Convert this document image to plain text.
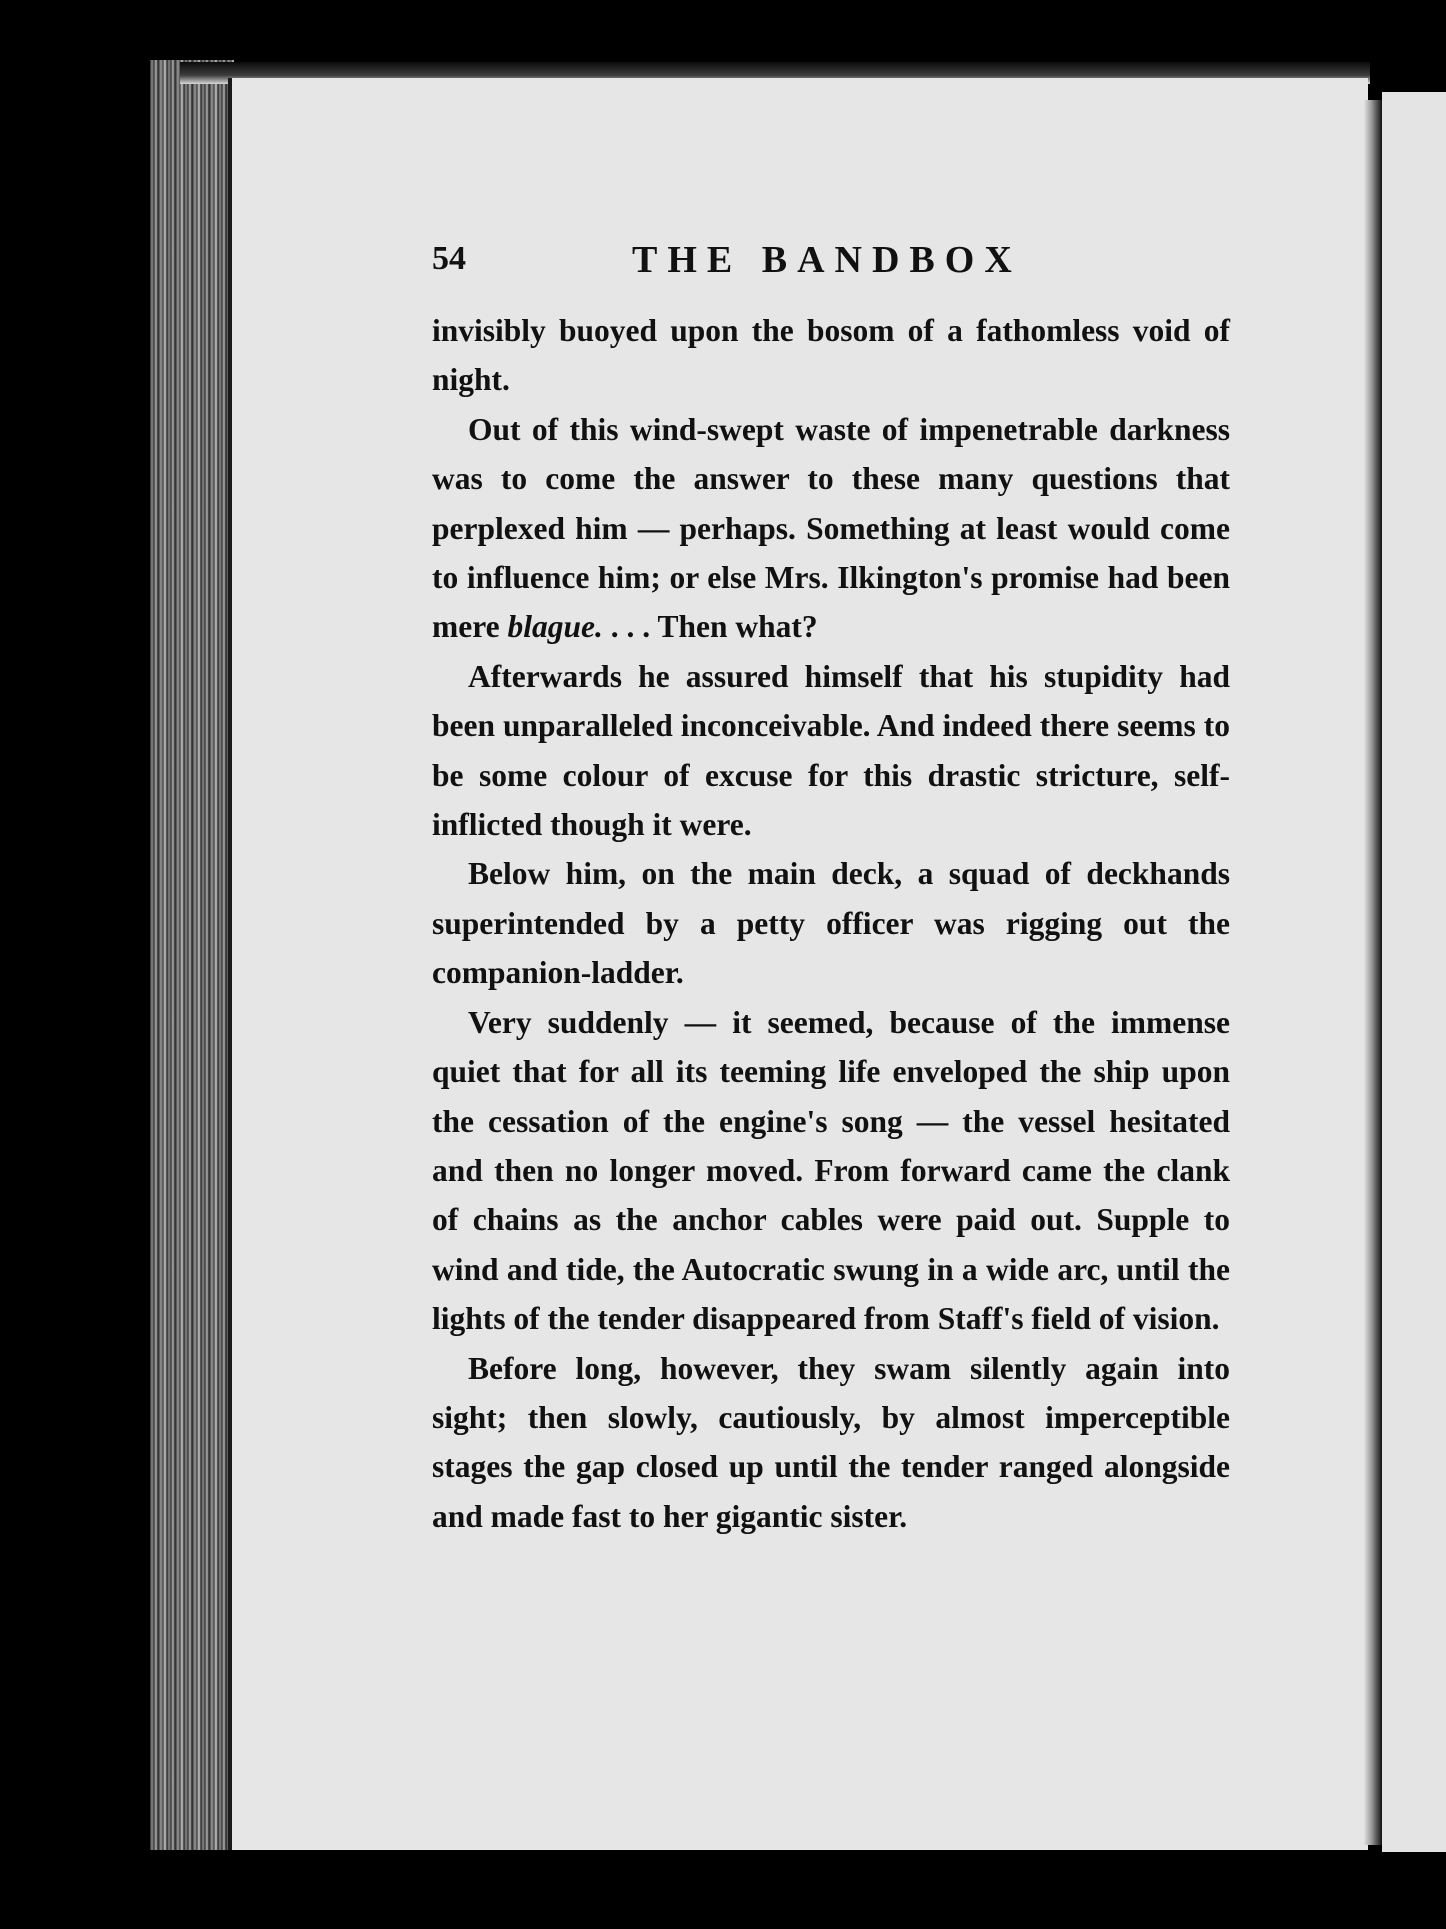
54	THE BANDBOX

invisibly buoyed upon the bosom of a fathomless void of night.

Out of this wind-swept waste of impenetrable darkness was to come the answer to these many questions that perplexed him — perhaps. Something at least would come to influence him; or else Mrs. Ilkington's promise had been mere blague. . . . Then what?

Afterwards he assured himself that his stupidity had been unparalleled inconceivable. And indeed there seems to be some colour of excuse for this drastic stricture, self-inflicted though it were.

Below him, on the main deck, a squad of deckhands superintended by a petty officer was rigging out the companion-ladder.

Very suddenly — it seemed, because of the immense quiet that for all its teeming life enveloped the ship upon the cessation of the engine's song — the vessel hesitated and then no longer moved. From forward came the clank of chains as the anchor cables were paid out. Supple to wind and tide, the Autocratic swung in a wide arc, until the lights of the tender disappeared from Staff's field of vision.

Before long, however, they swam silently again into sight; then slowly, cautiously, by almost imperceptible stages the gap closed up until the tender ranged alongside and made fast to her gigantic sister.
